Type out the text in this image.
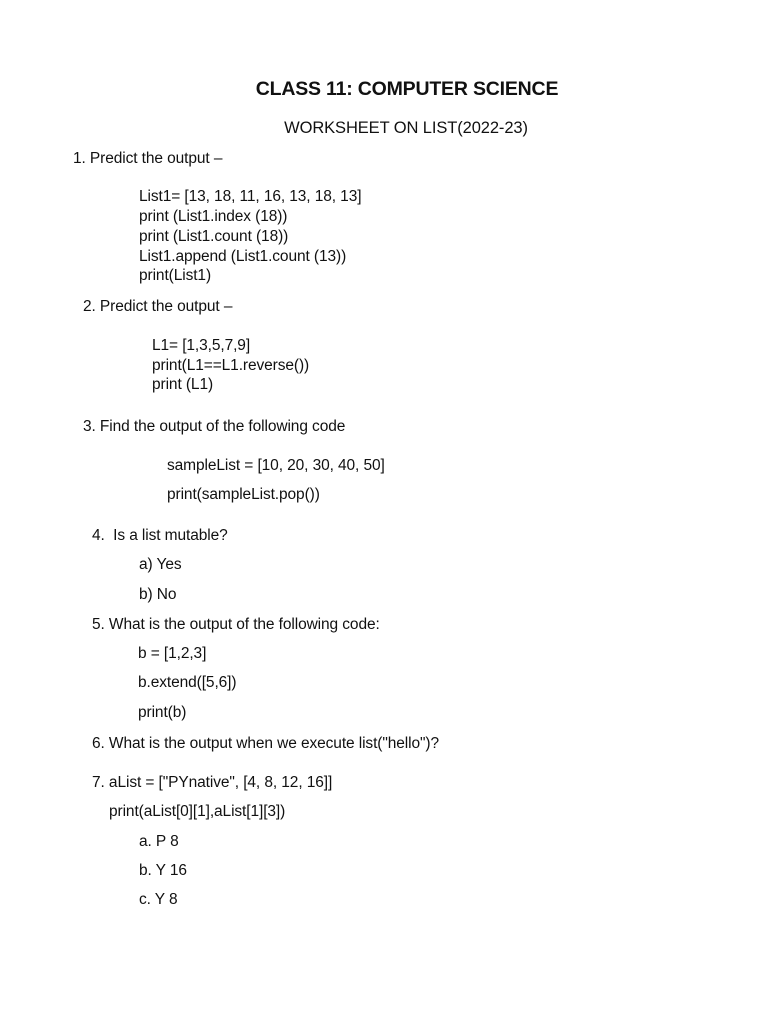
CLASS 11: COMPUTER SCIENCE
WORKSHEET ON LIST(2022-23)
1. Predict the output –
List1= [13, 18, 11, 16, 13, 18, 13]
print (List1.index (18))
print (List1.count (18))
List1.append (List1.count (13))
print(List1)
2. Predict the output –
L1= [1,3,5,7,9]
print(L1==L1.reverse())
print (L1)
3. Find the output of the following code
sampleList = [10, 20, 30, 40, 50]
print(sampleList.pop())
4.  Is a list mutable?
a) Yes
b) No
5. What is the output of the following code:
b = [1,2,3]
b.extend([5,6])
print(b)
6. What is the output when we execute list("hello")?
7. aList = ["PYnative", [4, 8, 12, 16]]
print(aList[0][1],aList[1][3])
a. P 8
b. Y 16
c. Y 8
